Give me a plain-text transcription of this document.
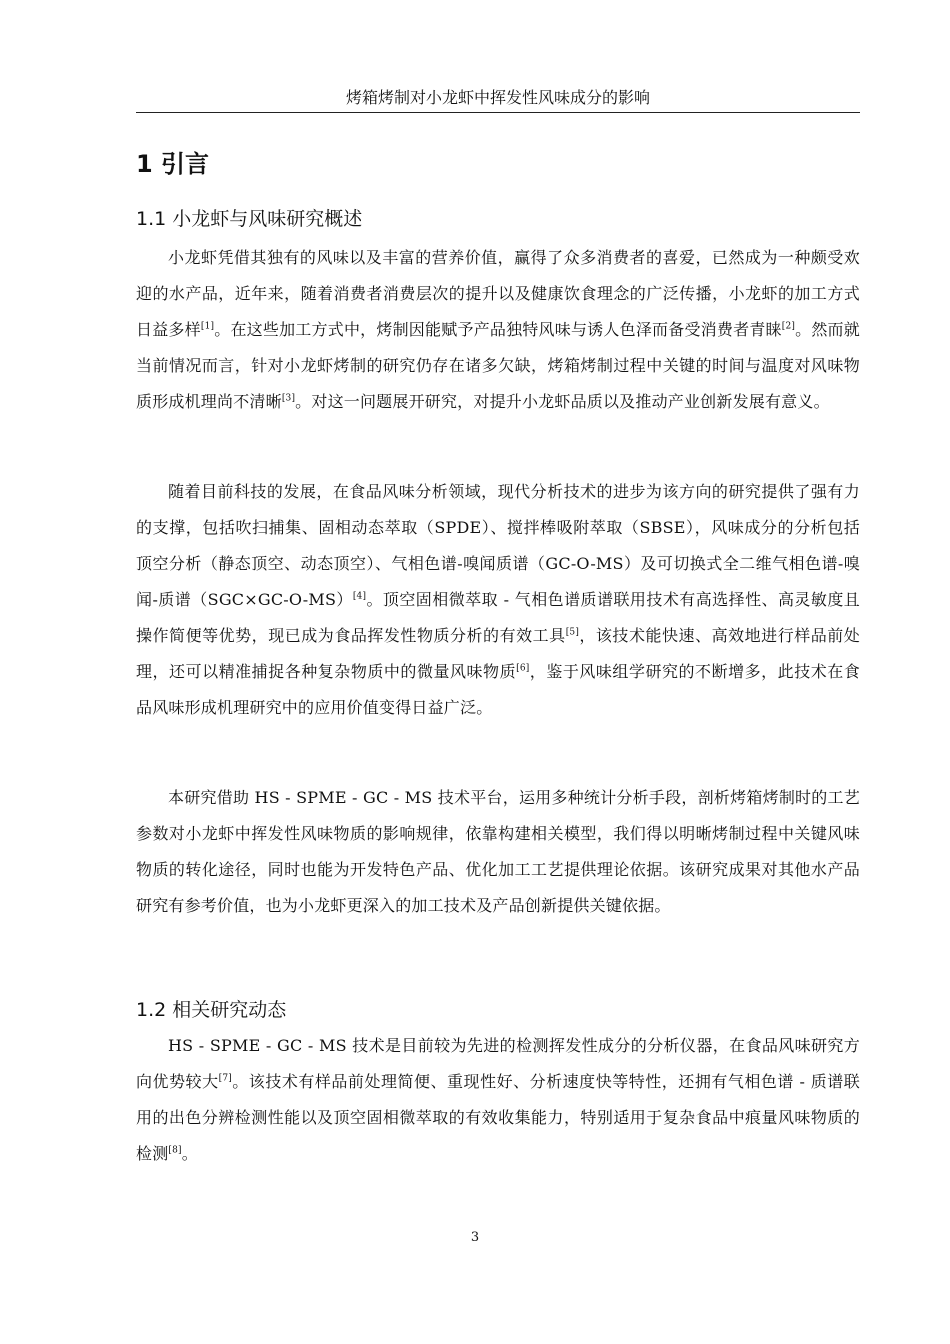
烤箱烤制对小龙虾中挥发性风味成分的影响
1 引言
1.1 小龙虾与风味研究概述

小龙虾凭借其独有的风味以及丰富的营养价值，赢得了众多消费者的喜爱，已然成为一种颇受欢迎的水产品，近年来，随着消费者消费层次的提升以及健康饮食理念的广泛传播，小龙虾的加工方式日益多样[1]。在这些加工方式中，烤制因能赋予产品独特风味与诱人色泽而备受消费者青睐[2]。然而就当前情况而言，针对小龙虾烤制的研究仍存在诸多欠缺，烤箱烤制过程中关键的时间与温度对风味物质形成机理尚不清晰[3]。对这一问题展开研究，对提升小龙虾品质以及推动产业创新发展有意义。

随着目前科技的发展，在食品风味分析领域，现代分析技术的进步为该方向的研究提供了强有力的支撑，包括吹扫捕集、固相动态萃取（SPDE）、搅拌棒吸附萃取（SBSE），风味成分的分析包括顶空分析（静态顶空、动态顶空）、气相色谱-嗅闻质谱（GC-O-MS）及可切换式全二维气相色谱-嗅闻-质谱（SGC×GC-O-MS）[4]。顶空固相微萃取 - 气相色谱质谱联用技术有高选择性、高灵敏度且操作简便等优势，现已成为食品挥发性物质分析的有效工具[5]，该技术能快速、高效地进行样品前处理，还可以精准捕捉各种复杂物质中的微量风味物质[6]，鉴于风味组学研究的不断增多，此技术在食品风味形成机理研究中的应用价值变得日益广泛。

本研究借助 HS - SPME - GC - MS 技术平台，运用多种统计分析手段，剖析烤箱烤制时的工艺参数对小龙虾中挥发性风味物质的影响规律，依靠构建相关模型，我们得以明晰烤制过程中关键风味物质的转化途径，同时也能为开发特色产品、优化加工工艺提供理论依据。该研究成果对其他水产品研究有参考价值，也为小龙虾更深入的加工技术及产品创新提供关键依据。

1.2 相关研究动态

HS - SPME - GC - MS 技术是目前较为先进的检测挥发性成分的分析仪器，在食品风味研究方向优势较大[7]。该技术有样品前处理简便、重现性好、分析速度快等特性，还拥有气相色谱 - 质谱联用的出色分辨检测性能以及顶空固相微萃取的有效收集能力，特别适用于复杂食品中痕量风味物质的检测[8]。

3
